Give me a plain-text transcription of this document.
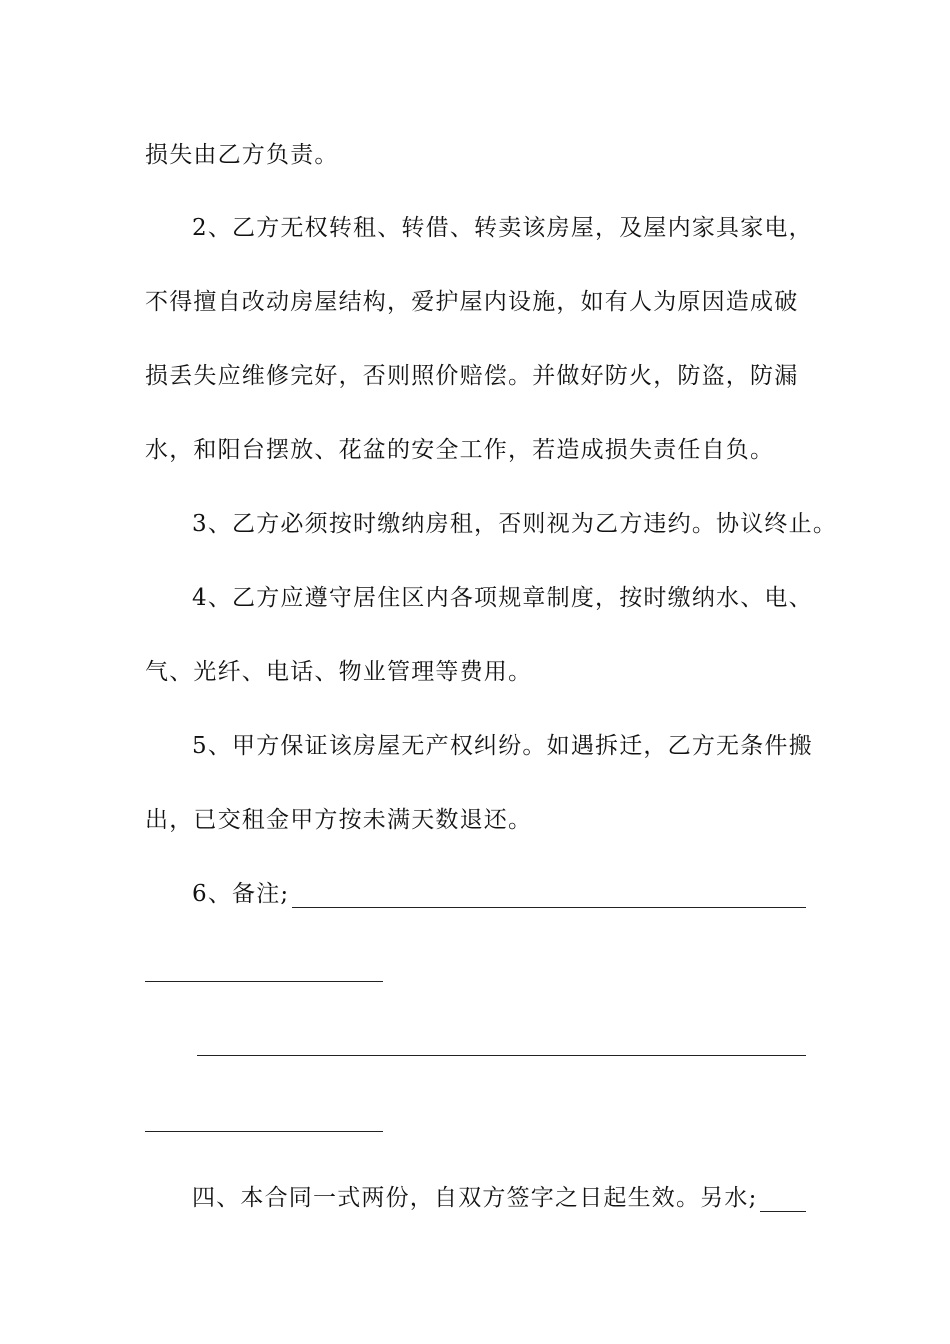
损失由乙方负责。
2、乙方无权转租、转借、转卖该房屋，及屋内家具家电，
不得擅自改动房屋结构，爱护屋内设施，如有人为原因造成破
损丢失应维修完好，否则照价赔偿。并做好防火，防盗，防漏
水，和阳台摆放、花盆的安全工作，若造成损失责任自负。
3、乙方必须按时缴纳房租，否则视为乙方违约。协议终止。
4、乙方应遵守居住区内各项规章制度，按时缴纳水、电、
气、光纤、电话、物业管理等费用。
5、甲方保证该房屋无产权纠纷。如遇拆迁，乙方无条件搬
出，已交租金甲方按未满天数退还。
6、备注;
四、本合同一式两份，自双方签字之日起生效。另水;
